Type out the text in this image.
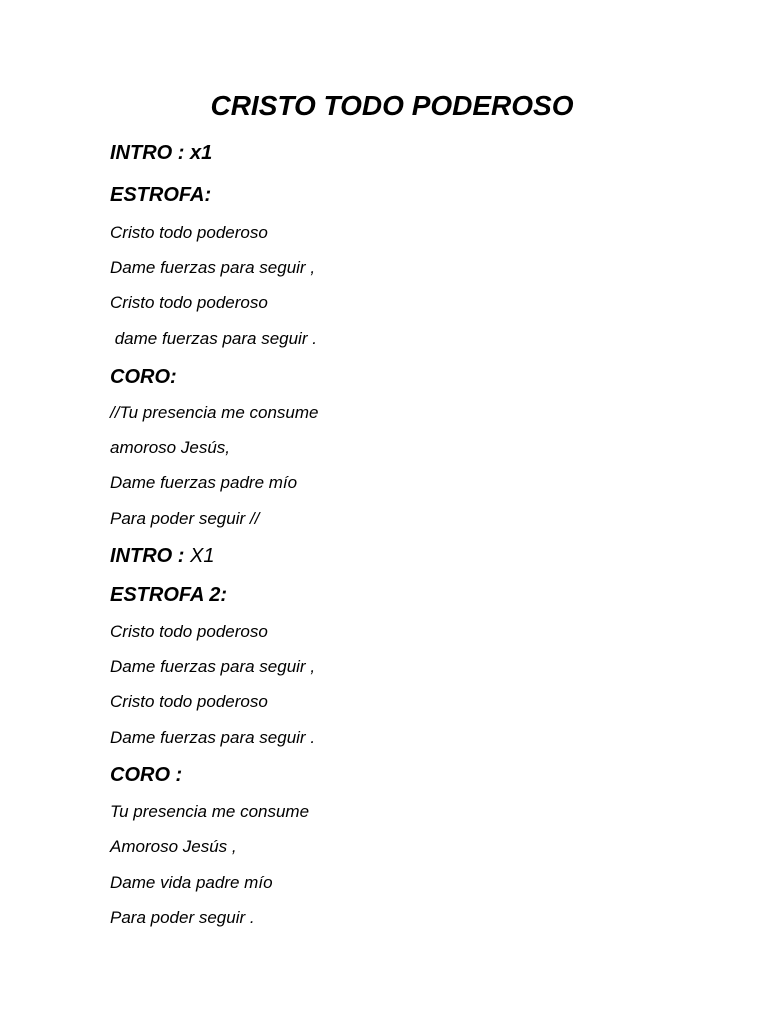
CRISTO TODO PODEROSO
INTRO : x1
ESTROFA:
Cristo todo poderoso
Dame fuerzas para seguir ,
Cristo todo poderoso
dame fuerzas para seguir .
CORO:
//Tu presencia me consume
amoroso Jesús,
Dame fuerzas padre mío
Para poder seguir //
INTRO : X1
ESTROFA 2:
Cristo todo poderoso
Dame fuerzas para seguir ,
Cristo todo poderoso
Dame fuerzas para seguir .
CORO :
Tu presencia me consume
Amoroso Jesús ,
Dame vida padre mío
Para poder seguir .
